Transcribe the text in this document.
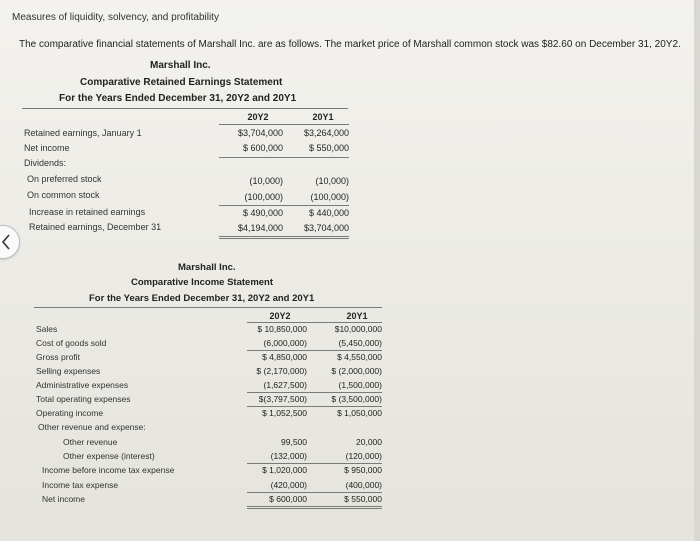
Measures of liquidity, solvency, and profitability
The comparative financial statements of Marshall Inc. are as follows. The market price of Marshall common stock was $82.60 on December 31, 20Y2.
Marshall Inc.
Comparative Retained Earnings Statement
For the Years Ended December 31, 20Y2 and 20Y1
20Y2	20Y1
Retained earnings, January 1	$3,704,000	$3,264,000
Net income	$ 600,000	$ 550,000
Dividends:
On preferred stock	(10,000)	(10,000)
On common stock	(100,000)	(100,000)
Increase in retained earnings	$ 490,000	$ 440,000
Retained earnings, December 31	$4,194,000	$3,704,000
Marshall Inc.
Comparative Income Statement
For the Years Ended December 31, 20Y2 and 20Y1
20Y2	20Y1
Sales	$ 10,850,000	$10,000,000
Cost of goods sold	(6,000,000)	(5,450,000)
Gross profit	$ 4,850,000	$ 4,550,000
Selling expenses	$ (2,170,000)	$ (2,000,000)
Administrative expenses	(1,627,500)	(1,500,000)
Total operating expenses	$(3,797,500)	$ (3,500,000)
Operating income	$ 1,052,500	$ 1,050,000
Other revenue and expense:
Other revenue	99,500	20,000
Other expense (interest)	(132,000)	(120,000)
Income before income tax expense	$ 1,020,000	$ 950,000
Income tax expense	(420,000)	(400,000)
Net income	$ 600,000	$ 550,000
